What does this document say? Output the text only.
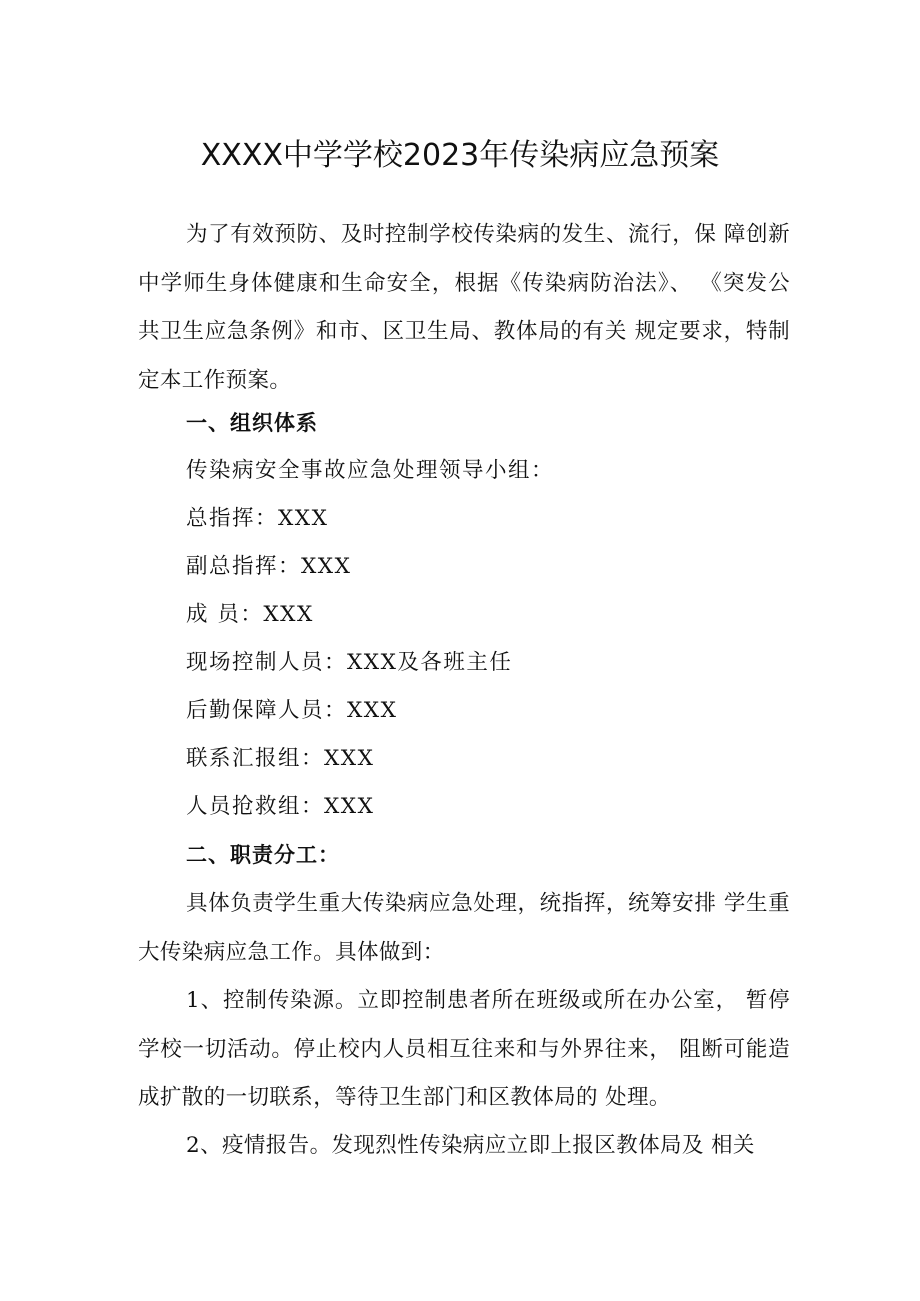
XXXX中学学校2023年传染病应急预案

为了有效预防、及时控制学校传染病的发生、流行，保 障创新中学师生身体健康和生命安全，根据《传染病防治法》、 《突发公共卫生应急条例》和市、区卫生局、教体局的有关 规定要求，特制定本工作预案。

一、组织体系

传染病安全事故应急处理领导小组：

总指挥：XXX

副总指挥：XXX

成 员：XXX

现场控制人员：XXX及各班主任

后勤保障人员：XXX

联系汇报组：XXX

人员抢救组：XXX

二、职责分工：

具体负责学生重大传染病应急处理，统指挥，统筹安排 学生重大传染病应急工作。具体做到：

1、控制传染源。立即控制患者所在班级或所在办公室， 暂停学校一切活动。停止校内人员相互往来和与外界往来， 阻断可能造成扩散的一切联系，等待卫生部门和区教体局的 处理。

2、疫情报告。发现烈性传染病应立即上报区教体局及 相关
